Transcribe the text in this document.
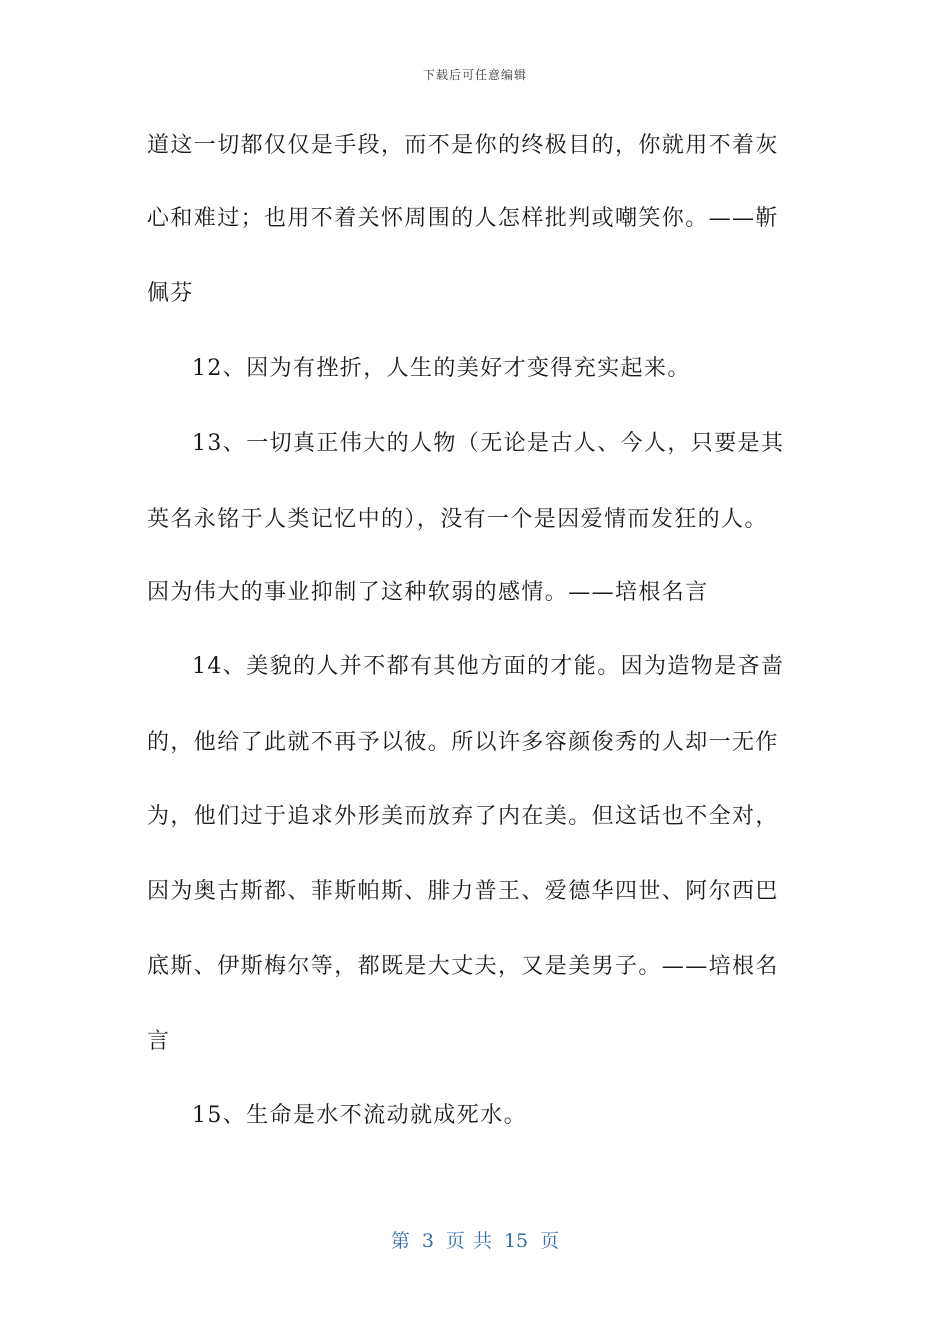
下载后可任意编辑
道这一切都仅仅是手段，而不是你的终极目的，你就用不着灰
心和难过；也用不着关怀周围的人怎样批判或嘲笑你。——靳
佩芬
12、因为有挫折，人生的美好才变得充实起来。
13、一切真正伟大的人物（无论是古人、今人，只要是其
英名永铭于人类记忆中的），没有一个是因爱情而发狂的人。
因为伟大的事业抑制了这种软弱的感情。——培根名言
14、美貌的人并不都有其他方面的才能。因为造物是吝啬
的，他给了此就不再予以彼。所以许多容颜俊秀的人却一无作
为，他们过于追求外形美而放弃了内在美。但这话也不全对，
因为奥古斯都、菲斯帕斯、腓力普王、爱德华四世、阿尔西巴
底斯、伊斯梅尔等，都既是大丈夫，又是美男子。——培根名
言
15、生命是水不流动就成死水。
第 3 页 共 15 页
